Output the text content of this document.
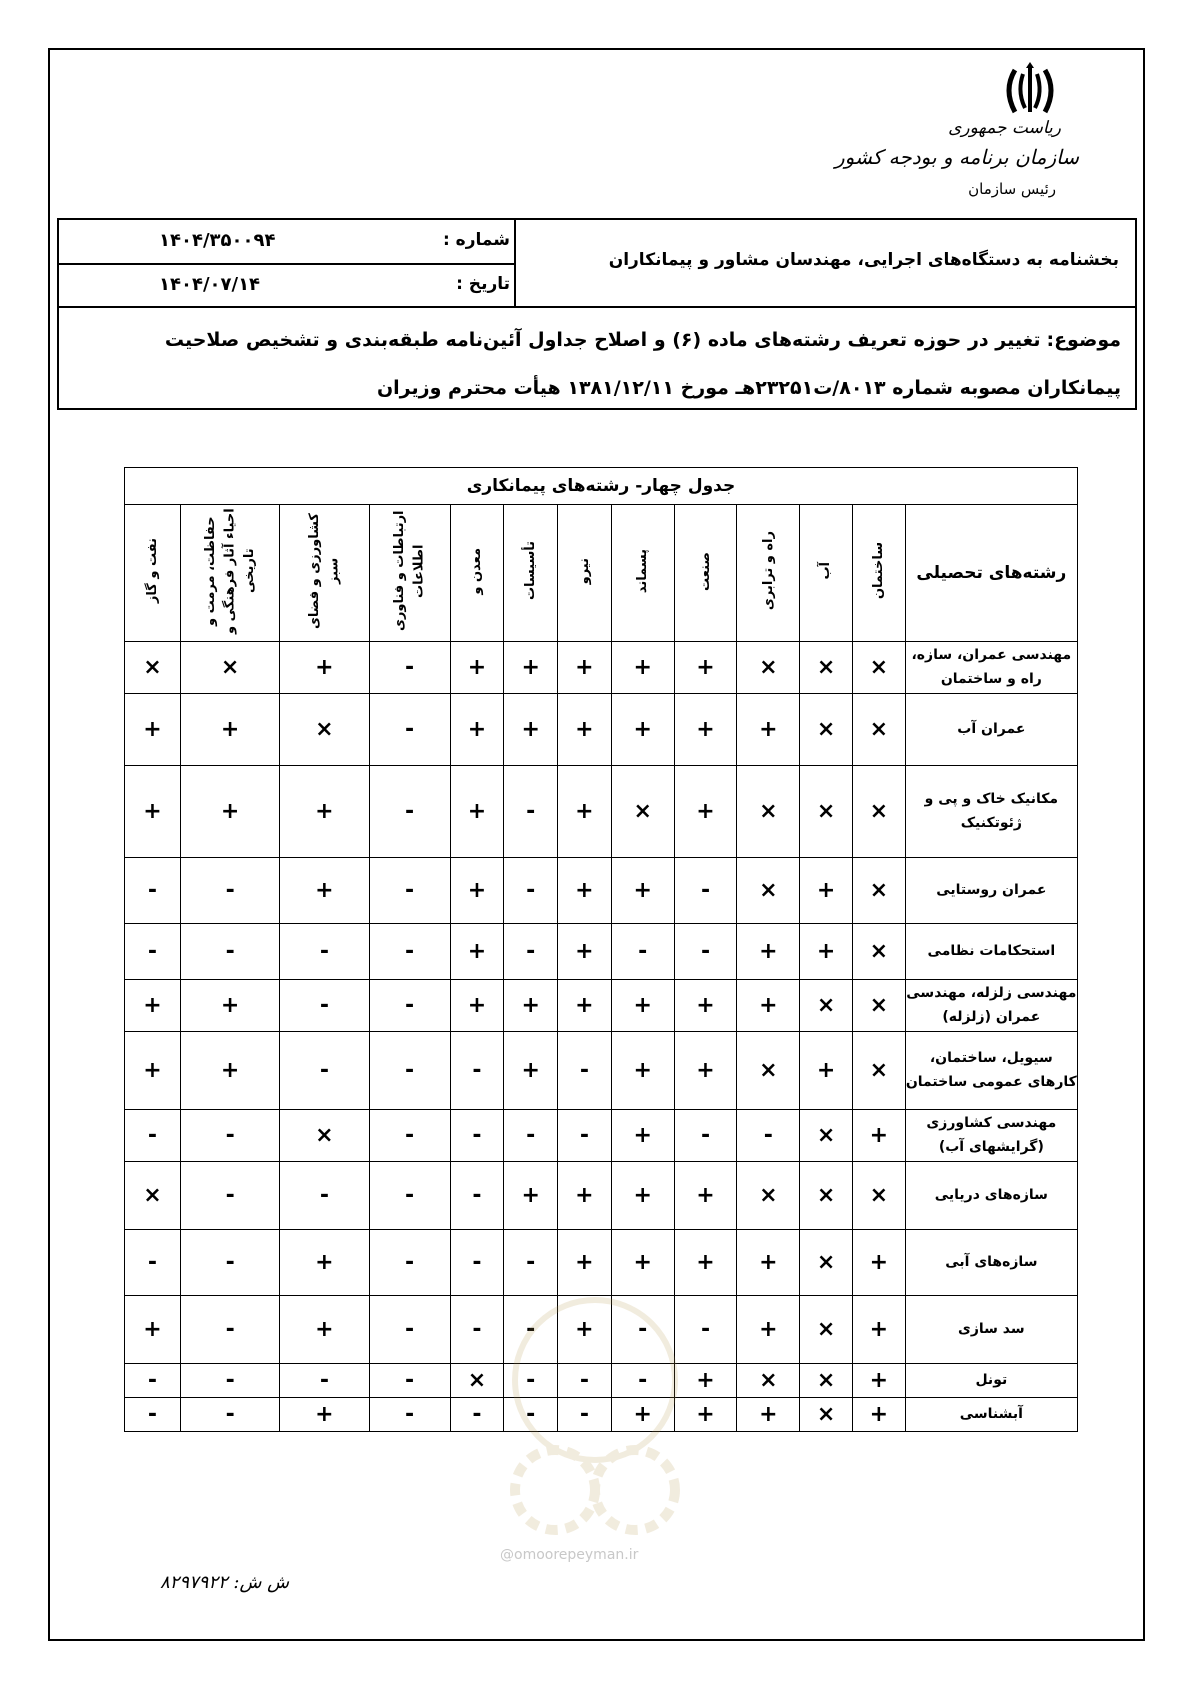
ریاست جمهوری
سازمان برنامه و بودجه کشور
رئیس سازمان
بخشنامه به دستگاه‌های اجرایی، مهندسان مشاور و پیمانکاران
شماره :
۱۴۰۴/۳۵۰۰۹۴
تاریخ :
۱۴۰۴/۰۷/۱۴
موضوع:تغییر در حوزه تعریف رشته‌های ماده (۶) و اصلاح جداول آئین‌نامه طبقه‌بندی و تشخیص صلاحیت
پیمانکاران مصوبه شماره ۸۰۱۳/ت۲۳۲۵۱هـ مورخ ۱۳۸۱/۱۲/۱۱ هیأت محترم وزیران
جدول چهار- رشته‌های پیمانکاری												
رشته‌های تحصیلی	ساختمان	آب	راه و ترابری	صنعت	پسماند	نیرو	تأسیسات	معدن و	ارتباطات و فناوری اطلاعات	کشاورزی و فضای سبز	حفاظت، مرمت و احیاء آثار فرهنگی و تاریخی	نفت و گاز
مهندسی عمران، سازه، راه و ساختمان	×	×	×	+	+	+	+	+	-	+	×	×
عمران آب	×	×	+	+	+	+	+	+	-	×	+	+
مکانیک خاک و پی و ژئوتکنیک	×	×	×	+	×	+	-	+	-	+	+	+
عمران روستایی	×	+	×	-	+	+	-	+	-	+	-	-
استحکامات نظامی	×	+	+	-	-	+	-	+	-	-	-	-
مهندسی زلزله، مهندسی عمران (زلزله)	×	×	+	+	+	+	+	+	-	-	+	+
سیویل، ساختمان، کارهای عمومی ساختمان	×	+	×	+	+	-	+	-	-	-	+	+
مهندسی کشاورزی (گرایشهای آب)	+	×	-	-	+	-	-	-	-	×	-	-
سازه‌های دریایی	×	×	×	+	+	+	+	-	-	-	-	×
سازه‌های آبی	+	×	+	+	+	+	-	-	-	+	-	-
سد سازی	+	×	+	-	-	+	-	-	-	+	-	+
تونل	+	×	×	+	-	-	-	×	-	-	-	-
آبشناسی	+	×	+	+	+	-	-	-	-	+	-	-
@omoorepeyman.ir
ش ش: ۸۲۹۷۹۲۲
